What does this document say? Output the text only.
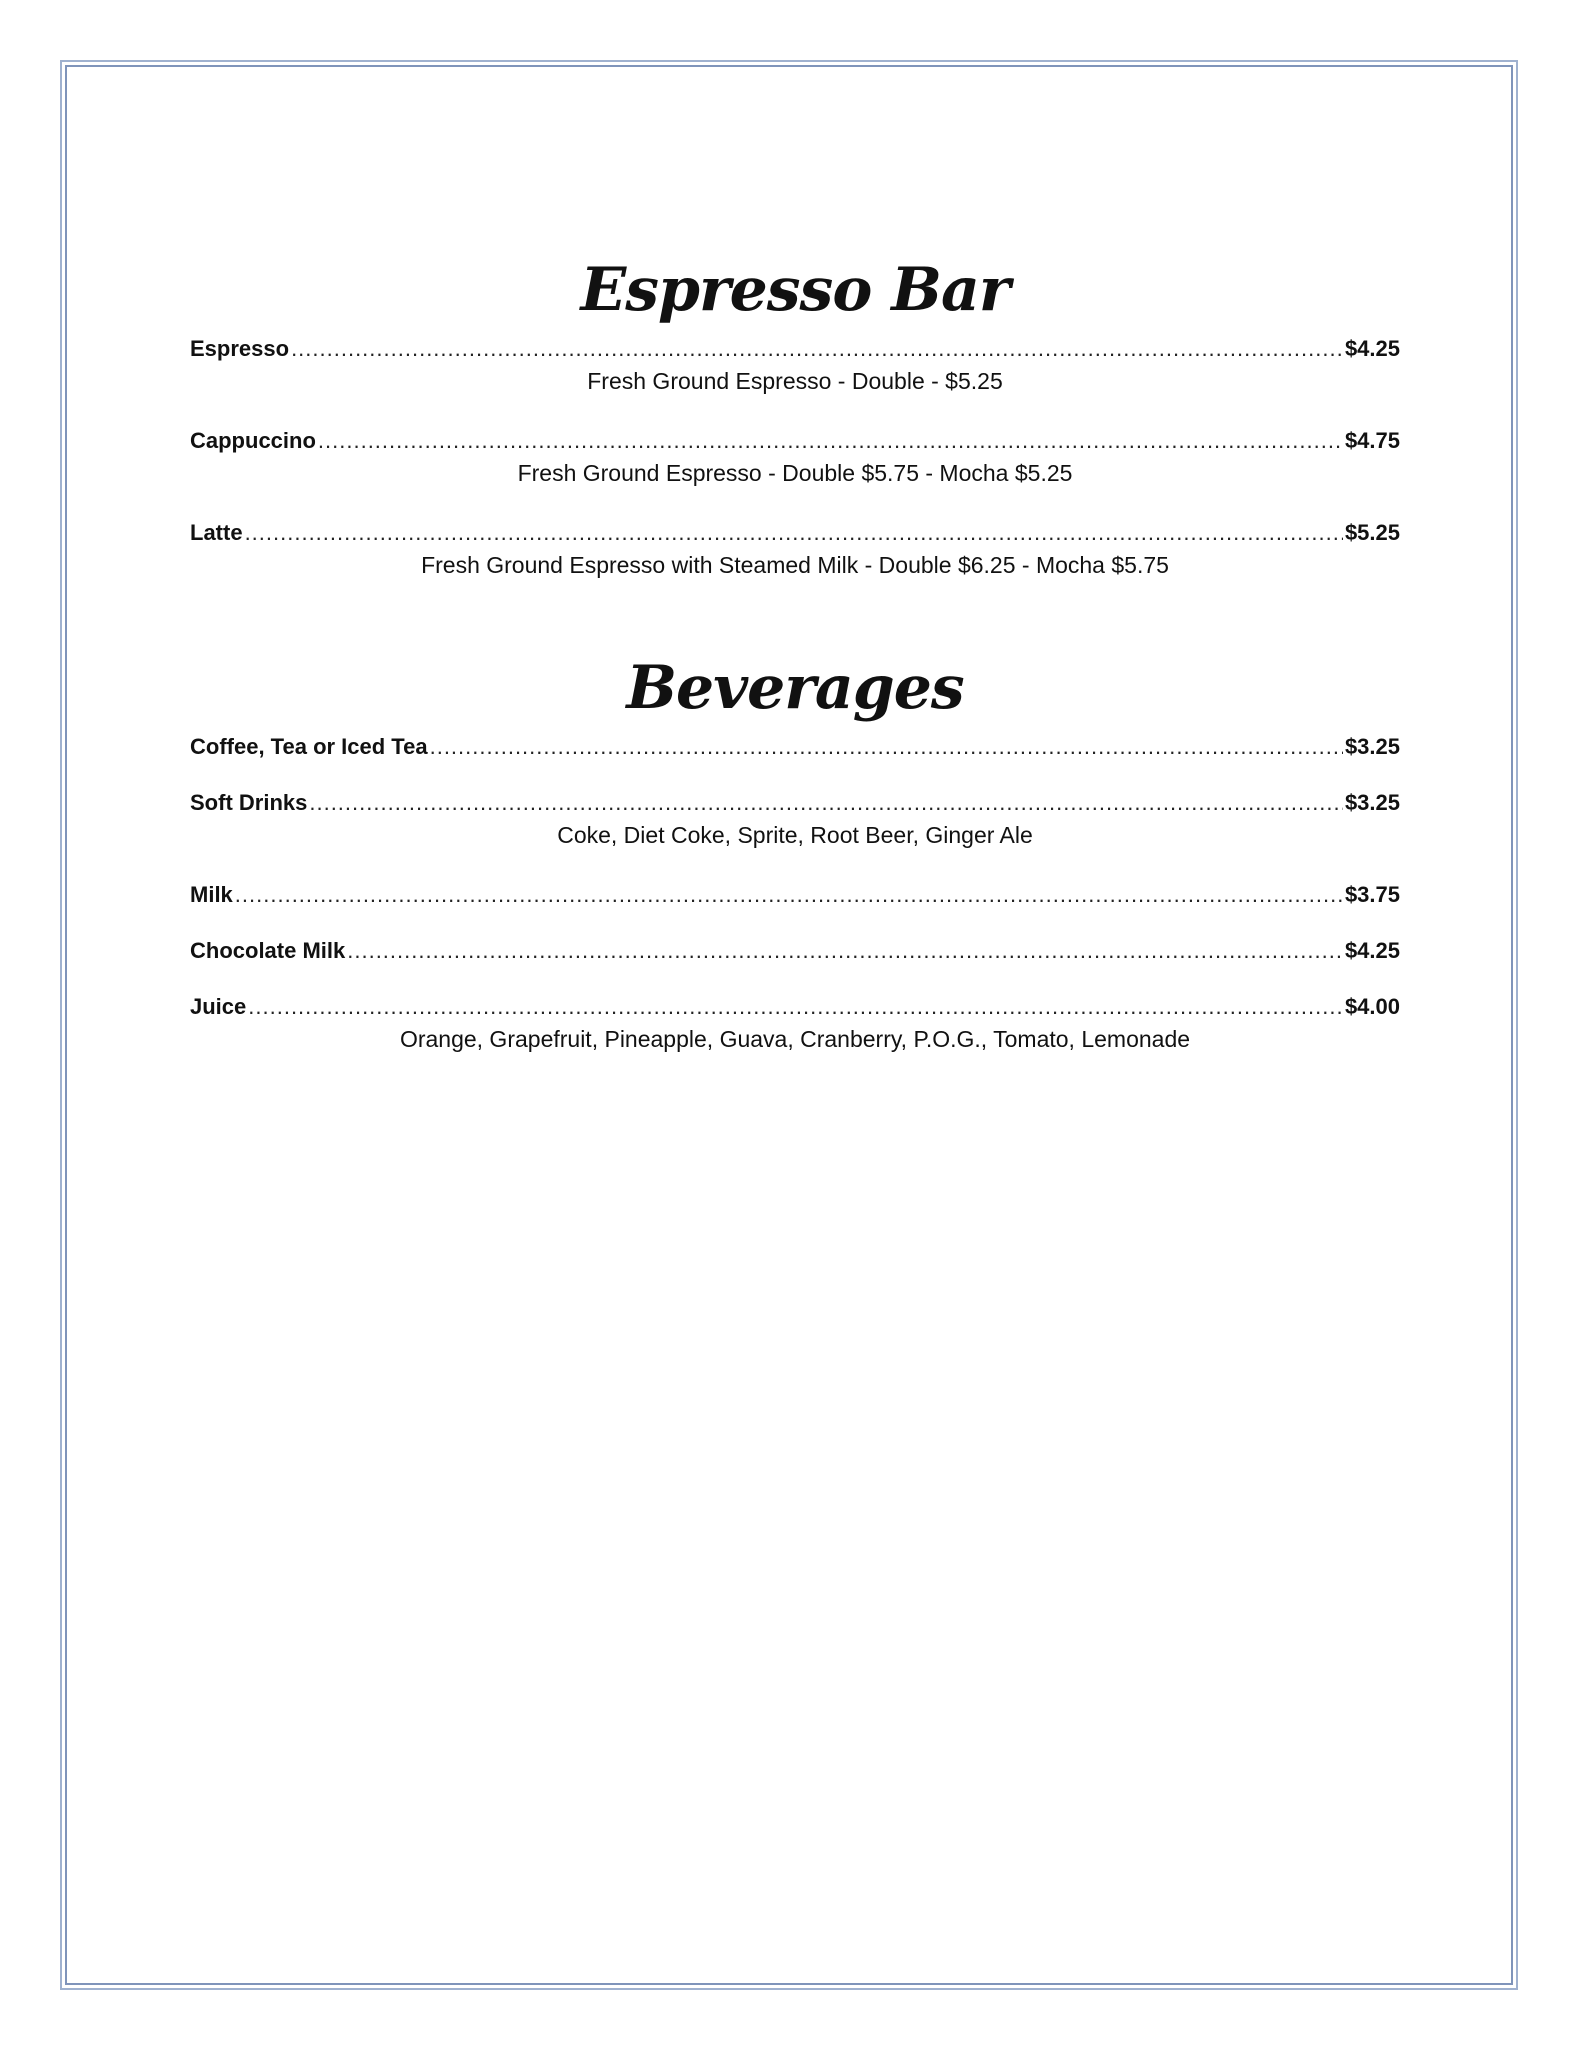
Espresso Bar
Espresso .....	$4.25
Fresh Ground Espresso - Double - $5.25
Cappuccino .....	$4.75
Fresh Ground Espresso - Double $5.75 - Mocha $5.25
Latte .....	$5.25
Fresh Ground Espresso with Steamed Milk - Double $6.25 - Mocha $5.75
Beverages
Coffee, Tea or Iced Tea .....	$3.25
Soft Drinks .....	$3.25
Coke, Diet Coke, Sprite, Root Beer, Ginger Ale
Milk .....	$3.75
Chocolate Milk .....	$4.25
Juice .....	$4.00
Orange, Grapefruit, Pineapple, Guava, Cranberry, P.O.G., Tomato, Lemonade
